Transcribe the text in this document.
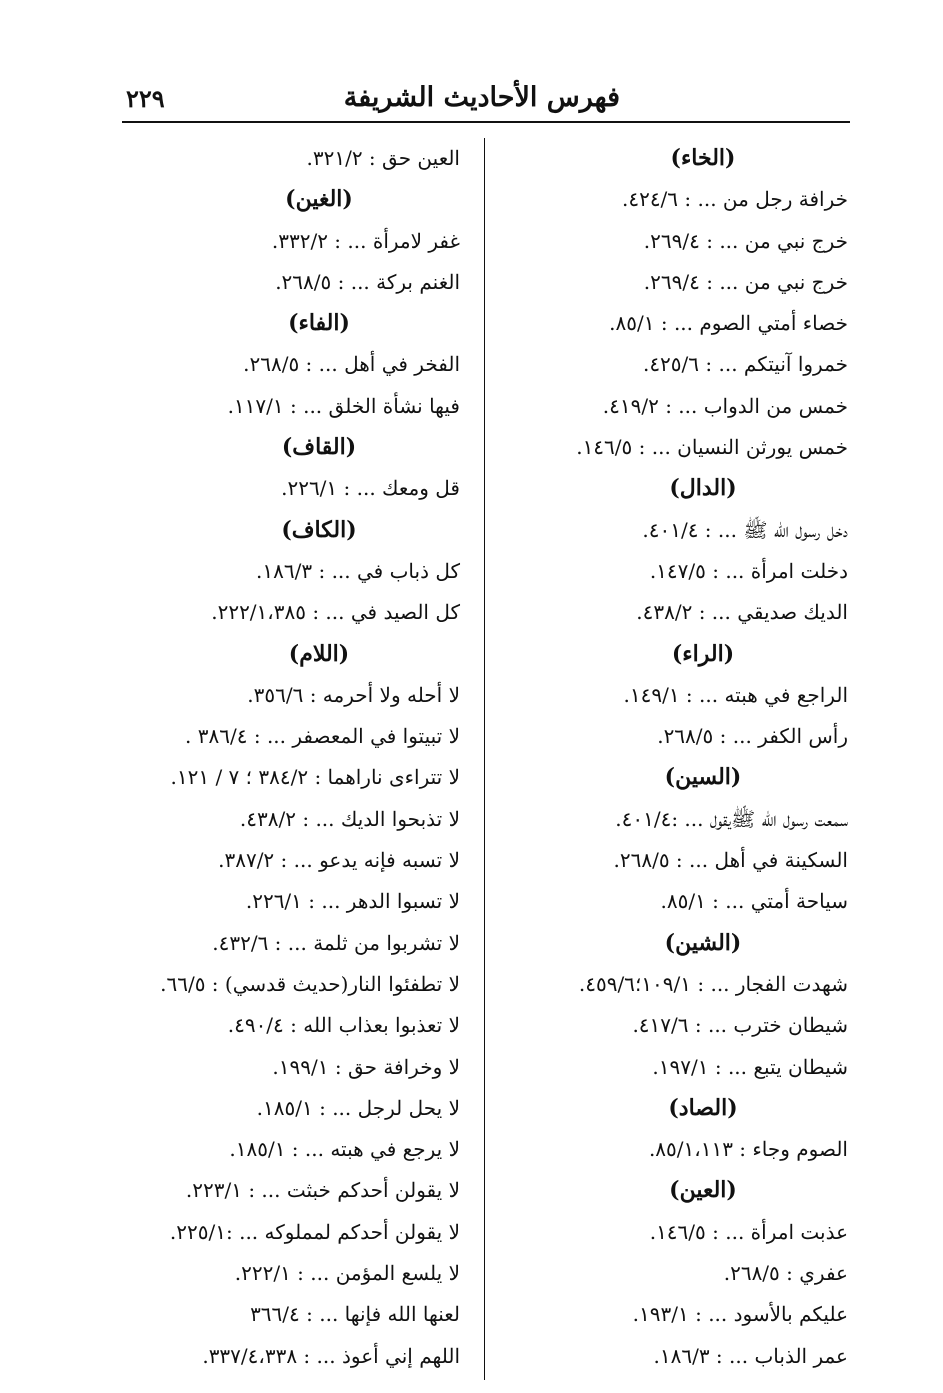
فهرس الأحاديث الشريفة
٢٢٩
(الخاء)
خرافة رجل من ... : ٤٢٤/٦.
خرج نبي من ... : ٢٦٩/٤.
خرج نبي من ... : ٢٦٩/٤.
خصاء أمتي الصوم ... : ٨٥/١.
خمروا آنيتكم ... : ٤٢٥/٦.
خمس من الدواب ... : ٤١٩/٢.
خمس يورثن النسيان ... : ١٤٦/٥.
(الدال)
دخل رسول الله ﷺ ... : ٤٠١/٤.
دخلت امرأة ... : ١٤٧/٥.
الديك صديقي ... : ٤٣٨/٢.
(الراء)
الراجع في هبته ... : ١٤٩/١.
رأس الكفر ... : ٢٦٨/٥.
(السين)
سمعت رسول الله ﷺيقول ... :٤٠١/٤.
السكينة في أهل ... : ٢٦٨/٥.
سياحة أمتي ... : ٨٥/١.
(الشين)
شهدت الفجار ... : ١٠٩/١؛٤٥٩/٦.
شيطان خترب ... : ٤١٧/٦.
شيطان يتبع ... : ١٩٧/١.
(الصاد)
الصوم وجاء : ٨٥/١،١١٣.
(العين)
عذبت امرأة ... : ١٤٦/٥.
عفري : ٢٦٨/٥.
عليكم بالأسود ... : ١٩٣/١.
عمر الذباب ... : ١٨٦/٣.
العين حق : ٣٢١/٢.
(الغين)
غفر لامرأة ... : ٣٣٢/٢.
الغنم بركة ... : ٢٦٨/٥.
(الفاء)
الفخر في أهل ... : ٢٦٨/٥.
فيها نشأة الخلق ... : ١١٧/١.
(القاف)
قل ومعك ... : ٢٢٦/١.
(الكاف)
كل ذباب في ... : ١٨٦/٣.
كل الصيد في ... : ٢٢٢/١،٣٨٥.
(اللام)
لا أحله ولا أحرمه : ٣٥٦/٦.
لا تبيتوا في المعصفر ... : ٣٨٦/٤ .
لا تتراءى ناراهما : ٣٨٤/٢ ؛ ٧ / ١٢١.
لا تذبحوا الديك ... : ٤٣٨/٢.
لا تسبه فإنه يدعو ... : ٣٨٧/٢.
لا تسبوا الدهر ... : ٢٢٦/١.
لا تشربوا من ثلمة ... : ٤٣٢/٦.
لا تطفئوا النار(حديث قدسي) : ٦٦/٥.
لا تعذبوا بعذاب الله : ٤٩٠/٤.
لا وخرافة حق : ١٩٩/١.
لا يحل لرجل ... : ١٨٥/١.
لا يرجع في هبته ... : ١٨٥/١.
لا يقولن أحدكم خبثت ... : ٢٢٣/١.
لا يقولن أحدكم لمملوكه ... :٢٢٥/١.
لا يلسع المؤمن ... : ٢٢٢/١.
لعنها الله فإنها ... : ٣٦٦/٤
اللهم إني أعوذ ... : ٣٣٧/٤،٣٣٨.
